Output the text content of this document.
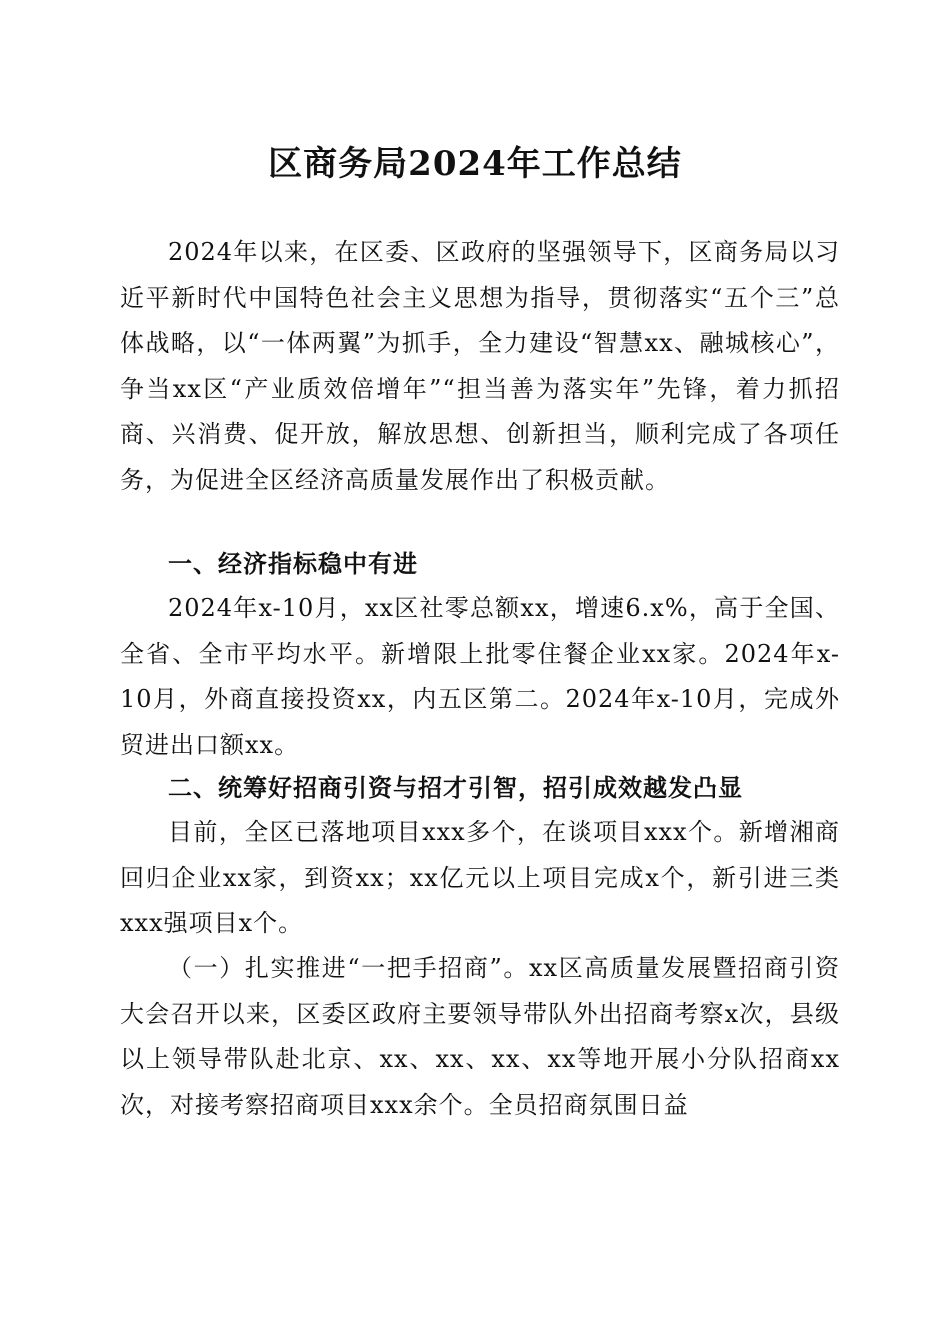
区商务局2024年工作总结

2024年以来，在区委、区政府的坚强领导下，区商务局以习近平新时代中国特色社会主义思想为指导，贯彻落实“五个三”总体战略，以“一体两翼”为抓手，全力建设“智慧xx、融城核心”，争当xx区“产业质效倍增年”“担当善为落实年”先锋，着力抓招商、兴消费、促开放，解放思想、创新担当，顺利完成了各项任务，为促进全区经济高质量发展作出了积极贡献。

一、经济指标稳中有进

2024年x-10月，xx区社零总额xx，增速6.x%，高于全国、全省、全市平均水平。新增限上批零住餐企业xx家。2024年x-10月，外商直接投资xx，内五区第二。2024年x-10月，完成外贸进出口额xx。

二、统筹好招商引资与招才引智，招引成效越发凸显

目前，全区已落地项目xxx多个，在谈项目xxx个。新增湘商回归企业xx家，到资xx；xx亿元以上项目完成x个，新引进三类xxx强项目x个。

（一）扎实推进“一把手招商”。xx区高质量发展暨招商引资大会召开以来，区委区政府主要领导带队外出招商考察x次，县级以上领导带队赴北京、xx、xx、xx、xx等地开展小分队招商xx次，对接考察招商项目xxx余个。全员招商氛围日益
